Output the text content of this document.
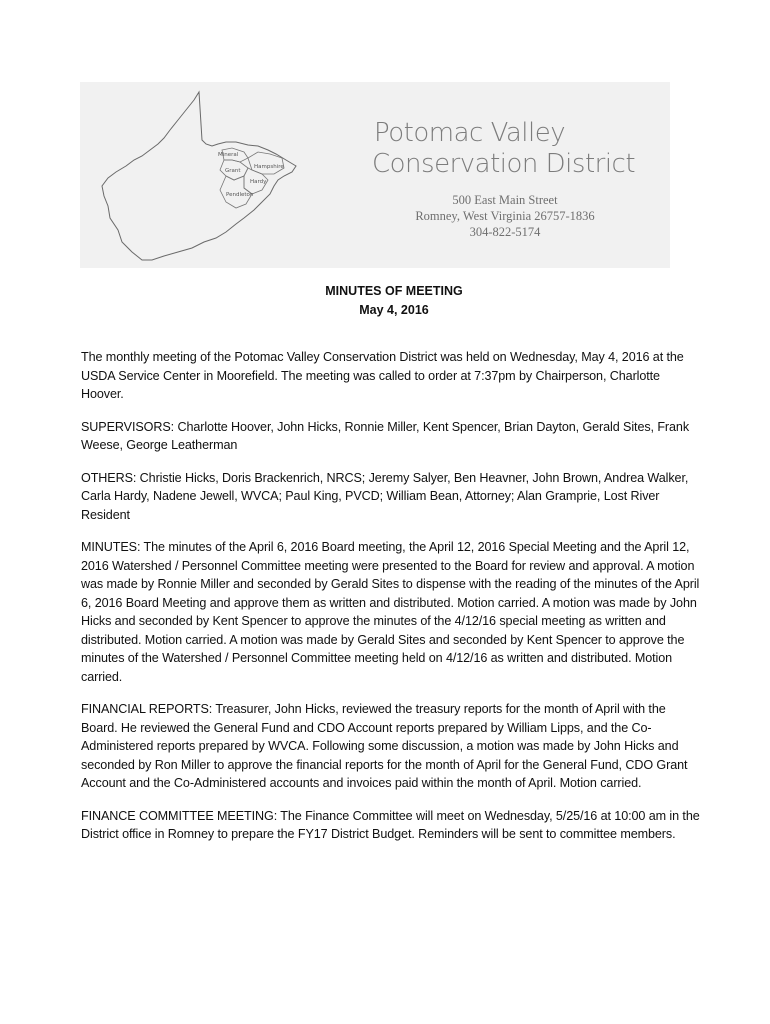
Mineral
Hampshire
Grant
Hardy
Pendleton
Potomac Valley
Conservation District
500 East Main Street
Romney, West Virginia 26757-1836
304-822-5174
MINUTES OF MEETING
May 4, 2016

The monthly meeting of the Potomac Valley Conservation District was held on Wednesday, May 4, 2016 at the USDA Service Center in Moorefield. The meeting was called to order at 7:37pm by Chairperson, Charlotte Hoover.

SUPERVISORS: Charlotte Hoover, John Hicks, Ronnie Miller, Kent Spencer, Brian Dayton, Gerald Sites, Frank Weese, George Leatherman

OTHERS: Christie Hicks, Doris Brackenrich, NRCS; Jeremy Salyer, Ben Heavner, John Brown, Andrea Walker, Carla Hardy, Nadene Jewell, WVCA; Paul King, PVCD; William Bean, Attorney; Alan Gramprie, Lost River Resident

MINUTES: The minutes of the April 6, 2016 Board meeting, the April 12, 2016 Special Meeting and the April 12, 2016 Watershed / Personnel Committee meeting were presented to the Board for review and approval. A motion was made by Ronnie Miller and seconded by Gerald Sites to dispense with the reading of the minutes of the April 6, 2016 Board Meeting and approve them as written and distributed. Motion carried. A motion was made by John Hicks and seconded by Kent Spencer to approve the minutes of the 4/12/16 special meeting as written and distributed. Motion carried. A motion was made by Gerald Sites and seconded by Kent Spencer to approve the minutes of the Watershed / Personnel Committee meeting held on 4/12/16 as written and distributed. Motion carried.

FINANCIAL REPORTS: Treasurer, John Hicks, reviewed the treasury reports for the month of April with the Board. He reviewed the General Fund and CDO Account reports prepared by William Lipps, and the Co-Administered reports prepared by WVCA. Following some discussion, a motion was made by John Hicks and seconded by Ron Miller to approve the financial reports for the month of April for the General Fund, CDO Grant Account and the Co-Administered accounts and invoices paid within the month of April. Motion carried.

FINANCE COMMITTEE MEETING: The Finance Committee will meet on Wednesday, 5/25/16 at 10:00 am in the District office in Romney to prepare the FY17 District Budget. Reminders will be sent to committee members.
